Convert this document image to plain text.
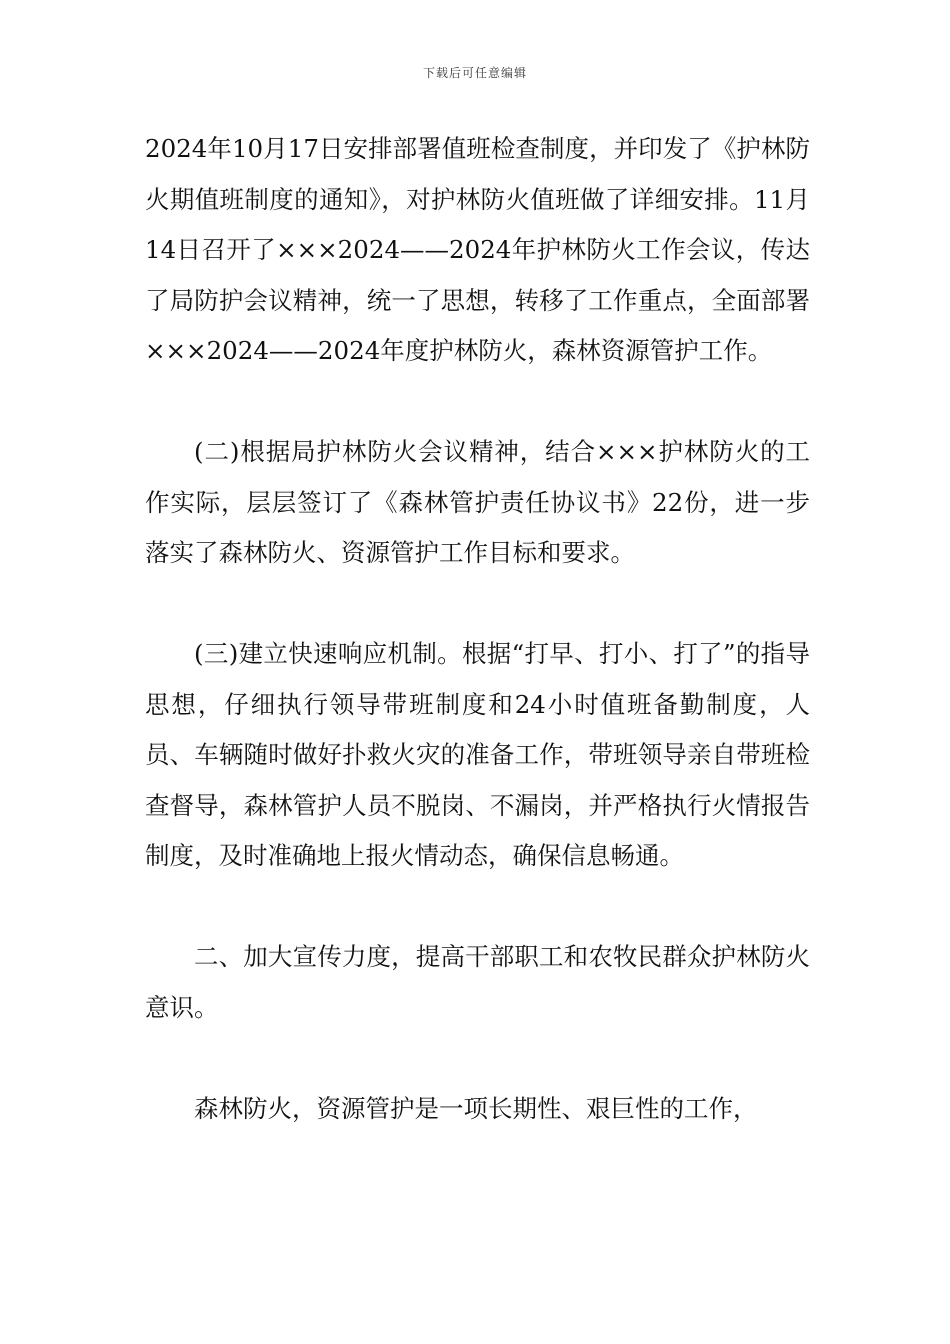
下载后可任意编辑

2024年10月17日安排部署值班检查制度，并印发了《护林防火期值班制度的通知》，对护林防火值班做了详细安排。11月14日召开了×××2024——2024年护林防火工作会议，传达了局防护会议精神，统一了思想，转移了工作重点，全面部署×××2024——2024年度护林防火，森林资源管护工作。

(二)根据局护林防火会议精神，结合×××护林防火的工作实际，层层签订了《森林管护责任协议书》22份，进一步落实了森林防火、资源管护工作目标和要求。

(三)建立快速响应机制。根据“打早、打小、打了”的指导思想，仔细执行领导带班制度和24小时值班备勤制度，人员、车辆随时做好扑救火灾的准备工作，带班领导亲自带班检查督导，森林管护人员不脱岗、不漏岗，并严格执行火情报告制度，及时准确地上报火情动态，确保信息畅通。

二、加大宣传力度，提高干部职工和农牧民群众护林防火意识。

森林防火，资源管护是一项长期性、艰巨性的工作，
